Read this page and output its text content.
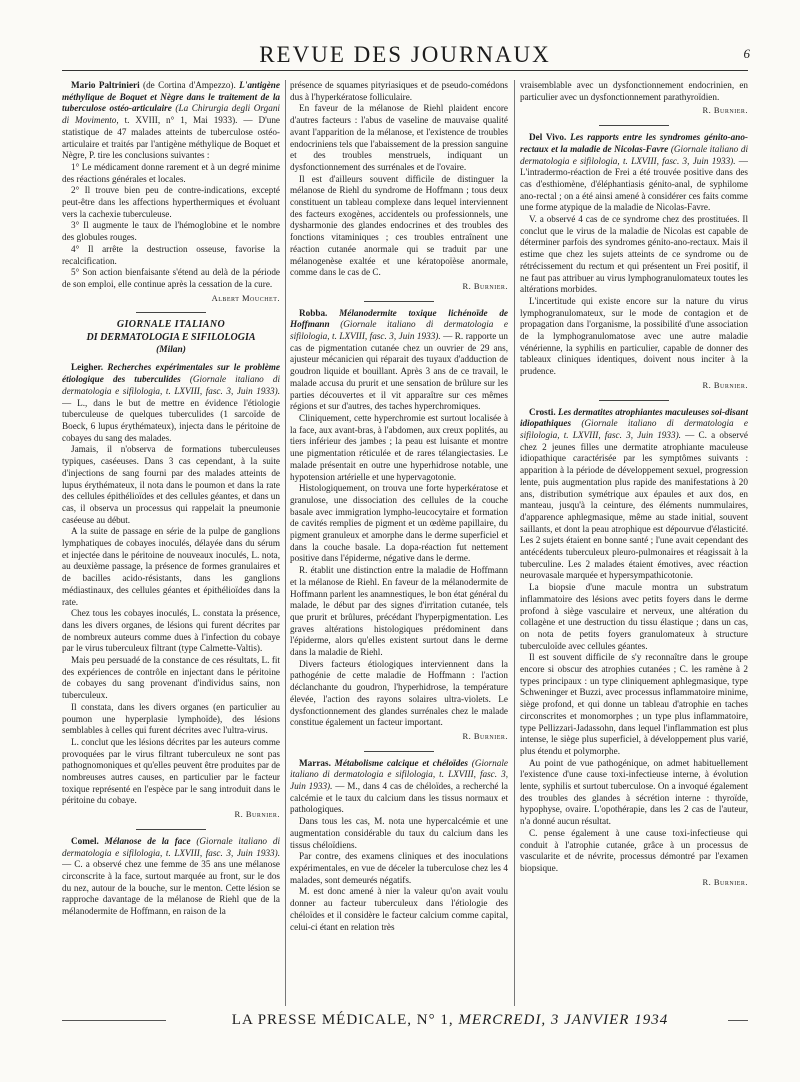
REVUE DES JOURNAUX	6

Mario Paltrinieri (de Cortina d'Ampezzo). L'antigène méthylique de Boquet et Nègre dans le traitement de la tuberculose ostéo-articulaire (La Chirurgia degli Organi di Movimento, t. XVIII, n° 1, Mai 1933). — D'une statistique de 47 malades atteints de tuberculose ostéo-articulaire et traités par l'antigène méthylique de Boquet et Nègre, P. tire les conclusions suivantes :

1° Le médicament donne rarement et à un degré minime des réactions générales et locales.

2° Il trouve bien peu de contre-indications, excepté peut-être dans les affections hyperthermiques et évoluant vers la cachexie tuberculeuse.

3° Il augmente le taux de l'hémoglobine et le nombre des globules rouges.

4° Il arrête la destruction osseuse, favorise la recalcification.

5° Son action bienfaisante s'étend au delà de la période de son emploi, elle continue après la cessation de la cure.

Albert Mouchet.
GIORNALE ITALIANO
DI DERMATOLOGIA E SIFILOLOGIA
(Milan)

Leigher. Recherches expérimentales sur le problème étiologique des tuberculides (Giornale italiano di dermatologia e sifilologia, t. LXVIII, fasc. 3, Juin 1933). — L., dans le but de mettre en évidence l'étiologie tuberculeuse de quelques tuberculides (1 sarcoïde de Boeck, 6 lupus érythémateux), injecta dans le péritoine de cobayes du sang des malades.

Jamais, il n'observa de formations tuberculeuses typiques, caséeuses. Dans 3 cas cependant, à la suite d'injections de sang fourni par des malades atteints de lupus érythémateux, il nota dans le poumon et dans la rate des cellules épithélioïdes et des cellules géantes, et dans un cas, il observa un processus qui rappelait la pneumonie caséeuse au début.

A la suite de passage en série de la pulpe de ganglions lymphatiques de cobayes inoculés, délayée dans du sérum et injectée dans le péritoine de nouveaux inoculés, L. nota, au deuxième passage, la présence de formes granulaires et de bacilles acido-résistants, dans les ganglions médiastinaux, des cellules géantes et épithélioïdes dans la rate.

Chez tous les cobayes inoculés, L. constata la présence, dans les divers organes, de lésions qui furent décrites par de nombreux auteurs comme dues à l'infection du cobaye par le virus tuberculeux filtrant (type Calmette-Valtis).

Mais peu persuadé de la constance de ces résultats, L. fit des expériences de contrôle en injectant dans le péritoine de cobayes du sang provenant d'individus sains, non tuberculeux.

Il constata, dans les divers organes (en particulier au poumon une hyperplasie lymphoïde), des lésions semblables à celles qui furent décrites avec l'ultra-virus.

L. conclut que les lésions décrites par les auteurs comme provoquées par le virus filtrant tuberculeux ne sont pas pathognomoniques et qu'elles peuvent être produites par de nombreuses autres causes, en particulier par le facteur toxique représenté en l'espèce par le sang introduit dans le péritoine du cobaye.

R. Burnier.

Comel. Mélanose de la face (Giornale italiano di dermatologia e sifilologia, t. LXVIII, fasc. 3, Juin 1933). — C. a observé chez une femme de 35 ans une mélanose circonscrite à la face, surtout marquée au front, sur le dos du nez, autour de la bouche, sur le menton. Cette lésion se rapproche davantage de la mélanose de Riehl que de la mélanodermite de Hoffmann, en raison de la

présence de squames pityriasiques et de pseudo-comédons dus à l'hyperkératose folliculaire.

En faveur de la mélanose de Riehl plaident encore d'autres facteurs : l'abus de vaseline de mauvaise qualité avant l'apparition de la mélanose, et l'existence de troubles endocriniens tels que l'abaissement de la pression sanguine et des troubles menstruels, indiquant un dysfonctionnement des surrénales et de l'ovaire.

Il est d'ailleurs souvent difficile de distinguer la mélanose de Riehl du syndrome de Hoffmann ; tous deux constituent un tableau complexe dans lequel interviennent des facteurs exogènes, accidentels ou professionnels, une dysharmonie des glandes endocrines et des troubles des fonctions vitaminiques ; ces troubles entraînent une réaction cutanée anormale qui se traduit par une mélanogenèse exaltée et une kératopoïèse anormale, comme dans le cas de C.

R. Burnier.

Robba. Mélanodermite toxique lichénoïde de Hoffmann (Giornale italiano di dermatologia e sifilologia, t. LXVIII, fasc. 3, Juin 1933). — R. rapporte un cas de pigmentation cutanée chez un ouvrier de 29 ans, ajusteur mécanicien qui réparait des tuyaux d'adduction de goudron liquide et bouillant. Après 3 ans de ce travail, le malade accusa du prurit et une sensation de brûlure sur les parties découvertes et il vit apparaître sur ces mêmes régions et sur d'autres, des taches hyperchromiques.

Cliniquement, cette hyperchromie est surtout localisée à la face, aux avant-bras, à l'abdomen, aux creux poplités, au tiers inférieur des jambes ; la peau est luisante et montre une pigmentation réticulée et de rares télangiectasies. Le malade présentait en outre une hyperhidrose notable, une hypotension artérielle et une hypervagotonie.

Histologiquement, on trouva une forte hyperkératose et granulose, une dissociation des cellules de la couche basale avec immigration lympho-leucocytaire et formation de cavités remplies de pigment et un œdème papillaire, du pigment granuleux et amorphe dans le derme superficiel et dans la couche basale. La dopa-réaction fut nettement positive dans l'épiderme, négative dans le derme.

R. établit une distinction entre la maladie de Hoffmann et la mélanose de Riehl. En faveur de la mélanodermite de Hoffmann parlent les anamnestiques, le bon état général du malade, le début par des signes d'irritation cutanée, tels que prurit et brûlures, précédant l'hyperpigmentation. Les graves altérations histologiques prédominent dans l'épiderme, alors qu'elles existent surtout dans le derme dans la maladie de Riehl.

Divers facteurs étiologiques interviennent dans la pathogénie de cette maladie de Hoffmann : l'action déclanchante du goudron, l'hyperhidrose, la température élevée, l'action des rayons solaires ultra-violets. Le dysfonctionnement des glandes surrénales chez le malade constitue également un facteur important.

R. Burnier.

Marras. Métabolisme calcique et chéloïdes (Giornale italiano di dermatologia e sifilologia, t. LXVIII, fasc. 3, Juin 1933). — M., dans 4 cas de chéloïdes, a recherché la calcémie et le taux du calcium dans les tissus normaux et pathologiques.

Dans tous les cas, M. nota une hypercalcémie et une augmentation considérable du taux du calcium dans les tissus chéloïdiens.

Par contre, des examens cliniques et des inoculations expérimentales, en vue de déceler la tuberculose chez les 4 malades, sont demeurés négatifs.

M. est donc amené à nier la valeur qu'on avait voulu donner au facteur tuberculeux dans l'étiologie des chéloïdes et il considère le facteur calcium comme capital, celui-ci étant en relation très

vraisemblable avec un dysfonctionnement endocrinien, en particulier avec un dysfonctionnement parathyroïdien.

R. Burnier.

Del Vivo. Les rapports entre les syndromes génito-ano-rectaux et la maladie de Nicolas-Favre (Giornale italiano di dermatologia e sifilologia, t. LXVIII, fasc. 3, Juin 1933). — L'intradermo-réaction de Frei a été trouvée positive dans des cas d'esthiomène, d'éléphantiasis génito-anal, de syphilome ano-rectal ; on a été ainsi amené à considérer ces faits comme une forme atypique de la maladie de Nicolas-Favre.

V. a observé 4 cas de ce syndrome chez des prostituées. Il conclut que le virus de la maladie de Nicolas est capable de déterminer parfois des syndromes génito-ano-rectaux. Mais il estime que chez les sujets atteints de ce syndrome ou de rétrécissement du rectum et qui présentent un Frei positif, il ne faut pas attribuer au virus lymphogranulomateux toutes les altérations morbides.

L'incertitude qui existe encore sur la nature du virus lymphogranulomateux, sur le mode de contagion et de propagation dans l'organisme, la possibilité d'une association de la lymphogranulomatose avec une autre maladie vénérienne, la syphilis en particulier, capable de donner des tableaux cliniques identiques, doivent nous inciter à la prudence.

R. Burnier.

Crosti. Les dermatites atrophiantes maculeuses soi-disant idiopathiques (Giornale italiano di dermatologia e sifilologia, t. LXVIII, fasc. 3, Juin 1933). — C. a observé chez 2 jeunes filles une dermatite atrophiante maculeuse idiopathique caractérisée par les symptômes suivants : apparition à la période de développement sexuel, progression lente, puis augmentation plus rapide des manifestations à 20 ans, distribution symétrique aux épaules et aux dos, en manteau, jusqu'à la ceinture, des éléments nummulaires, d'apparence aphlegmasique, même au stade initial, souvent saillants, et dont la peau atrophique est dépourvue d'élasticité. Les 2 sujets étaient en bonne santé ; l'une avait cependant des antécédents tuberculeux pleuro-pulmonaires et réagissait à la tuberculine. Les 2 malades étaient émotives, avec réaction neurovasale marquée et hypersympathicotonie.

La biopsie d'une macule montra un substratum inflammatoire des lésions avec petits foyers dans le derme profond à siège vasculaire et nerveux, une altération du collagène et une destruction du tissu élastique ; dans un cas, on nota de petits foyers granulomateux à structure tuberculoïde avec cellules géantes.

Il est souvent difficile de s'y reconnaître dans le groupe encore si obscur des atrophies cutanées ; C. les ramène à 2 types principaux : un type cliniquement aphlegmasique, type Schweninger et Buzzi, avec processus inflammatoire minime, siège profond, et qui donne un tableau d'atrophie en taches circonscrites et monomorphes ; un type plus inflammatoire, type Pellizzari-Jadassohn, dans lequel l'inflammation est plus intense, le siège plus superficiel, à développement plus varié, plus étendu et polymorphe.

Au point de vue pathogénique, on admet habituellement l'existence d'une cause toxi-infectieuse interne, à évolution lente, syphilis et surtout tuberculose. On a invoqué également des troubles des glandes à sécrétion interne : thyroïde, hypophyse, ovaire. L'opothérapie, dans les 2 cas de l'auteur, n'a donné aucun résultat.

C. pense également à une cause toxi-infectieuse qui conduit à l'atrophie cutanée, grâce à un processus de vascularite et de névrite, processus démontré par l'examen biopsique.

R. Burnier.
LA PRESSE MÉDICALE, N° 1, MERCREDI, 3 JANVIER 1934
